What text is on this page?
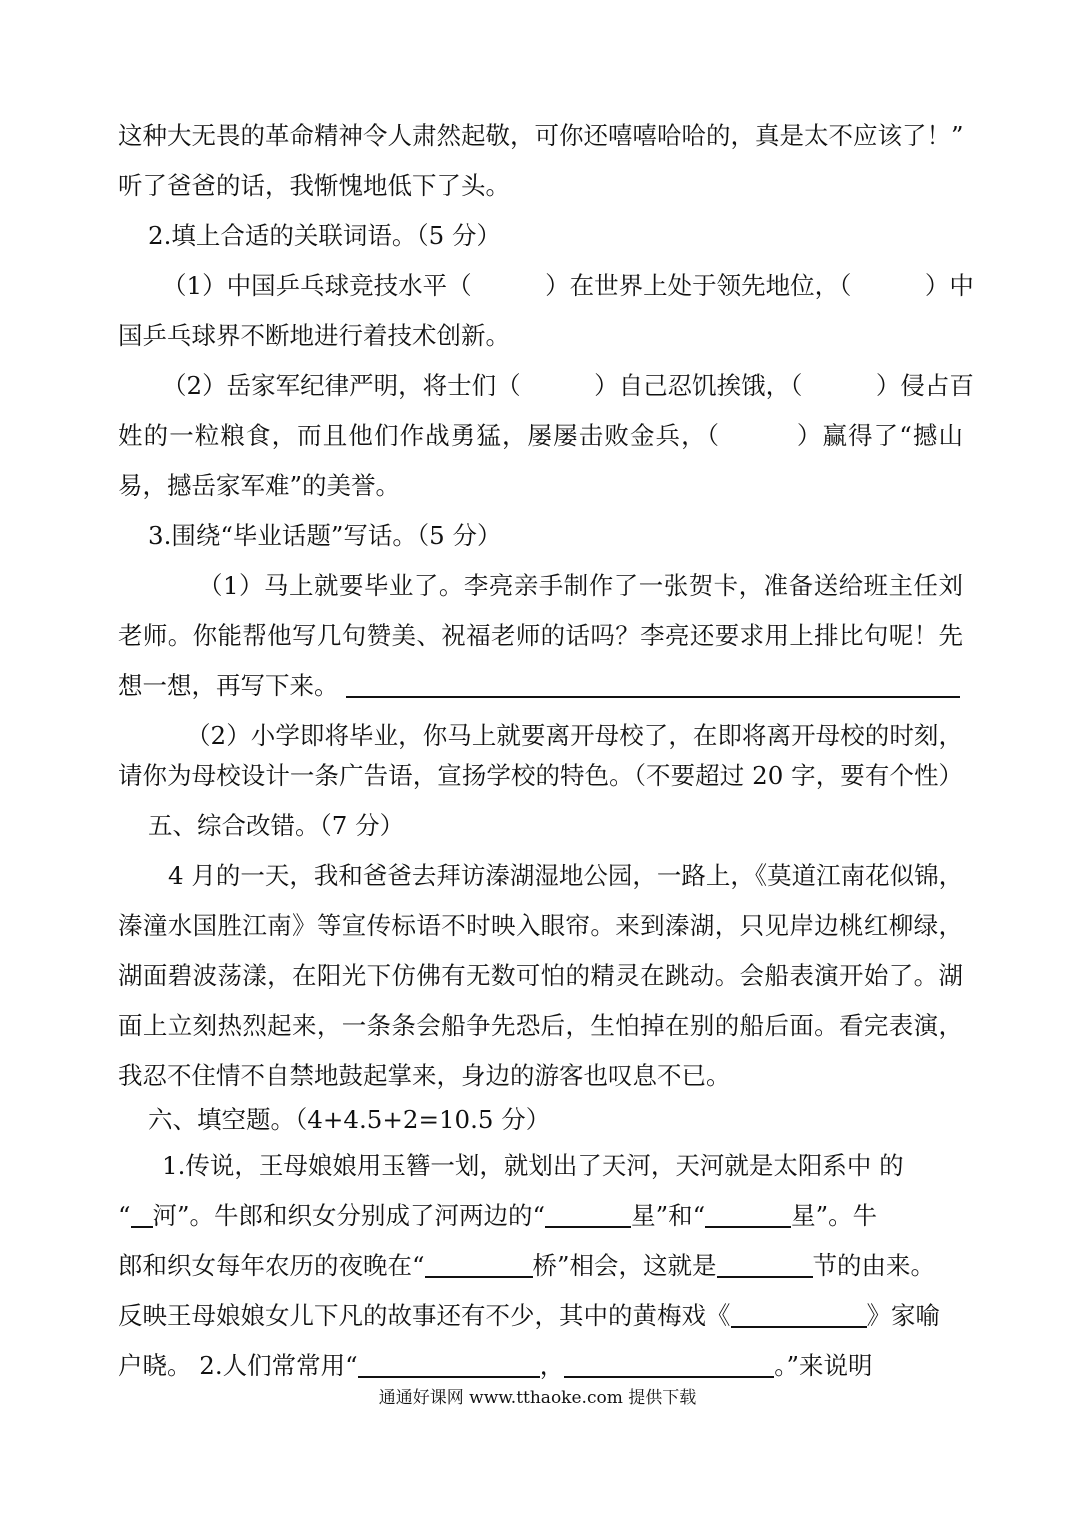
这种大无畏的革命精神令人肃然起敬，可你还嘻嘻哈哈的，真是太不应该了！”
听了爸爸的话，我惭愧地低下了头。
2.填上合适的关联词语。（5 分）
（1）中国乒乓球竞技水平（　　　）在世界上处于领先地位，（　　　）中
国乒乓球界不断地进行着技术创新。
（2）岳家军纪律严明，将士们（　　　）自己忍饥挨饿，（　　　）侵占百
姓的一粒粮食，而且他们作战勇猛，屡屡击败金兵，（　　　）赢得了“撼山
易，撼岳家军难”的美誉。
3.围绕“毕业话题”写话。（5 分）
（1）马上就要毕业了。李亮亲手制作了一张贺卡，准备送给班主任刘
老师。你能帮他写几句赞美、祝福老师的话吗？李亮还要求用上排比句呢！先
想一想，再写下来。
（2）小学即将毕业，你马上就要离开母校了，在即将离开母校的时刻，
请你为母校设计一条广告语，宣扬学校的特色。（不要超过 20 字，要有个性）
五、综合改错。（7 分）
4 月的一天，我和爸爸去拜访溱湖湿地公园，一路上，《莫道江南花似锦，
溱潼水国胜江南》等宣传标语不时映入眼帘。来到溱湖，只见岸边桃红柳绿，
湖面碧波荡漾，在阳光下仿佛有无数可怕的精灵在跳动。会船表演开始了。湖
面上立刻热烈起来，一条条会船争先恐后，生怕掉在别的船后面。看完表演，
我忍不住情不自禁地鼓起掌来，身边的游客也叹息不已。
六、填空题。（4+4.5+2=10.5 分）
1.传说，王母娘娘用玉簪一划，就划出了天河，天河就是太阳系中 的
“ 河”。牛郎和织女分别成了河两边的“	星”和“	星”。牛
郎和织女每年农历的夜晚在“	桥”相会，这就是	节的由来。
反映王母娘娘女儿下凡的故事还有不少，其中的黄梅戏《	》家喻
户晓。 2.人们常常用“	，	。”来说明
通通好课网 www.tthaoke.com 提供下载
